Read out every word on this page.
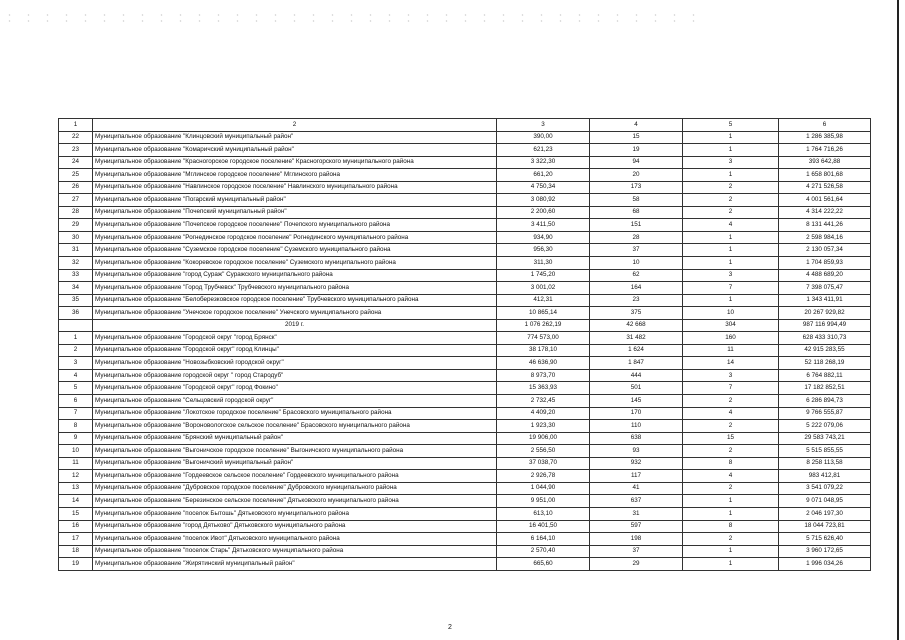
1	2	3	4	5	6
22	Муниципальное образование "Клинцовский муниципальный район"	390,00	15	1	1 286 385,98
23	Муниципальное образование "Комаричский муниципальный район"	621,23	19	1	1 764 716,26
24	Муниципальное образование "Красногорское городское поселение" Красногорского муниципального района	3 322,30	94	3	393 642,88
25	Муниципальное образование "Мглинское городское поселение" Мглинского района	661,20	20	1	1 658 801,68
26	Муниципальное образование "Навлинское городское поселение" Навлинского муниципального района	4 750,34	173	2	4 271 526,58
27	Муниципальное образование "Погарский муниципальный район"	3 080,92	58	2	4 001 561,64
28	Муниципальное образование "Почепский муниципальный район"	2 200,60	68	2	4 314 222,22
29	Муниципальное образование "Почепское городское поселение" Почепского муниципального района	3 411,50	151	4	8 131 441,26
30	Муниципальное образование "Рогнединское городское поселение" Рогнединского муниципального района	934,90	28	1	2 598 984,16
31	Муниципальное образование "Суземское городское поселение" Суземского муниципального района	956,30	37	1	2 130 057,34
32	Муниципальное образование "Кокоревское городское поселение" Суземского муниципального района	311,30	10	1	1 704 859,93
33	Муниципальное образование "город Сураж" Суражского муниципального района	1 745,20	62	3	4 488 689,20
34	Муниципальное образование "Город Трубчевск" Трубчевского муниципального района	3 001,02	164	7	7 398 075,47
35	Муниципальное образование "Белоберезковское городское поселение" Трубчевского муниципального района	412,31	23	1	1 343 411,91
36	Муниципальное образование "Унечское городское поселение" Унечского муниципального района	10 865,14	375	10	20 267 929,82
	2019 г.	1 076 262,19	42 668	304	987 116 994,49
1	Муниципальное образование "Городской округ "город Брянск"	774 573,00	31 482	160	628 433 310,73
2	Муниципальное образование "Городской округ" город Клинцы"	38 178,10	1 624	11	42 915 283,55
3	Муниципальное образование "Новозыбковский городской округ"	46 636,90	1 847	14	52 118 268,19
4	Муниципальное образование городской округ " город Стародуб"	8 973,70	444	3	6 764 882,11
5	Муниципальное образование "Городской округ" город Фокино"	15 363,93	501	7	17 182 852,51
6	Муниципальное образование "Сельцовский городской округ"	2 732,45	145	2	6 286 894,73
7	Муниципальное образование "Локотское городское поселение" Брасовского муниципального района	4 409,20	170	4	9 766 555,87
8	Муниципальное образование "Вороновологское сельское поселение" Брасовского муниципального района	1 923,30	110	2	5 222 079,06
9	Муниципальное образование "Брянский муниципальный район"	19 906,00	638	15	29 583 743,21
10	Муниципальное образование "Выгоничское городское поселение" Выгоничского муниципального района	2 556,50	93	2	5 515 855,55
11	Муниципальное образование "Выгоничский муниципальный район"	37 038,70	932	8	8 258 113,58
12	Муниципальное образование "Гордеевское сельское поселение" Гордеевского муниципального района	2 926,78	117	4	983 412,81
13	Муниципальное образование "Дубровское городское поселение" Дубровского муниципального района	1 044,90	41	2	3 541 079,22
14	Муниципальное образование "Березинское сельское поселение" Дятьковского муниципального района	9 951,00	637	1	9 071 048,95
15	Муниципальное образование "поселок Бытошь" Дятьковского муниципального района	613,10	31	1	2 046 197,30
16	Муниципальное образование "город Дятьково" Дятьковского муниципального района	16 401,50	597	8	18 044 723,81
17	Муниципальное образование "поселок Ивот" Дятьковского муниципального района	6 164,10	198	2	5 715 626,40
18	Муниципальное образование "поселок Старь" Дятьковского муниципального района	2 570,40	37	1	3 960 172,65
19	Муниципальное образование "Жирятинский муниципальный район"	665,60	29	1	1 996 034,26
2
